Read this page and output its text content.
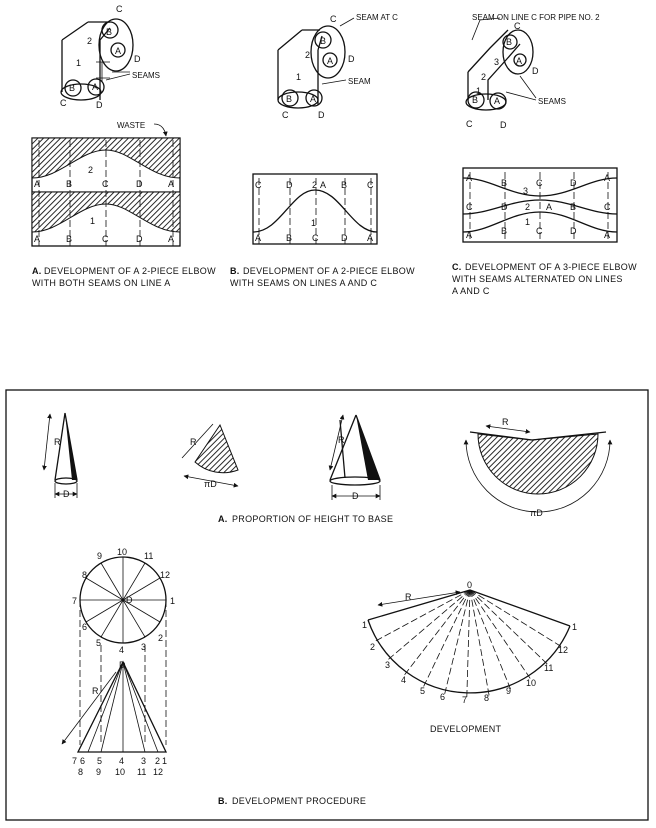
B
A
C
D
2
1
B A
C	D
SEAMS
WASTE
2
1
A	B	C	D	A
A	B	C	D	A
B
A
C
D
2
1
B A
C	D
SEAM AT C
SEAM
1
2
C	D	A B C
A	B C	D A
B
A
C
D
3
2
1
B A
C	D
SEAM ON LINE C FOR PIPE NO. 2
SEAMS
3
2
1
A	B	C	D	A
C	D	A B	C
A	B	C	D	A
A. DEVELOPMENT OF A 2-PIECE ELBOW
WITH BOTH SEAMS ON LINE A
B. DEVELOPMENT OF A 2-PIECE ELBOW
WITH SEAMS ON LINES A AND C
C. DEVELOPMENT OF A 3-PIECE ELBOW
WITH SEAMS ALTERNATED ON LINES
A AND C
R
D
R
πD
R
D
R
πD
A. PROPORTION OF HEIGHT TO BASE
1
2
3
4
5
6
7
8
9 10 11
12
D
D
R
7 6 5 4 3 2 1
8 9 10 11 12
0
R
1
2
3
4
5
6 7 8
9
10
11
12
1
DEVELOPMENT
B. DEVELOPMENT PROCEDURE
